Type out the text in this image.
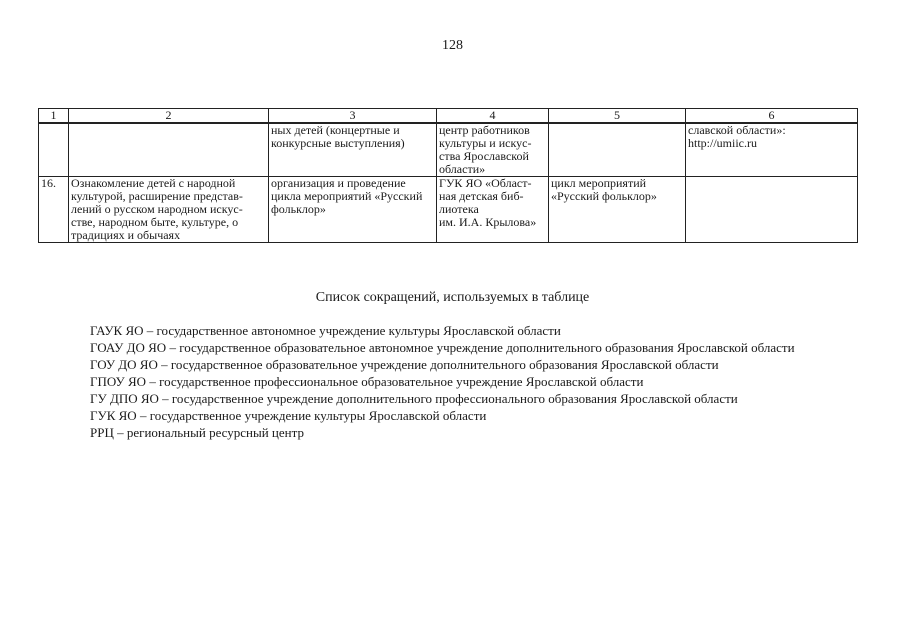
128
1	2	3	4	5	6
		ных детей (концертные и
конкурсные выступления)	центр работников
культуры и искус-
ства Ярославской
области»		славской области»:
http://umiic.ru
16.	Ознакомление детей с народной
культурой, расширение представ-
лений о русском народном искус-
стве, народном быте, культуре, о
традициях и обычаях	организация и проведение
цикла мероприятий «Русский
фольклор»	ГУК ЯО «Област-
ная детская биб-
лиотека
им. И.А. Крылова»	цикл мероприятий
«Русский фольклор»	
Список сокращений, используемых в таблице

ГАУК ЯО – государственное автономное учреждение культуры Ярославской области

ГОАУ ДО ЯО – государственное образовательное автономное учреждение дополнительного образования Ярославской области

ГОУ ДО ЯО – государственное образовательное учреждение дополнительного образования Ярославской области

ГПОУ ЯО – государственное профессиональное образовательное учреждение Ярославской области

ГУ ДПО ЯО – государственное учреждение дополнительного профессионального образования Ярославской области

ГУК ЯО – государственное учреждение культуры Ярославской области

РРЦ – региональный ресурсный центр
